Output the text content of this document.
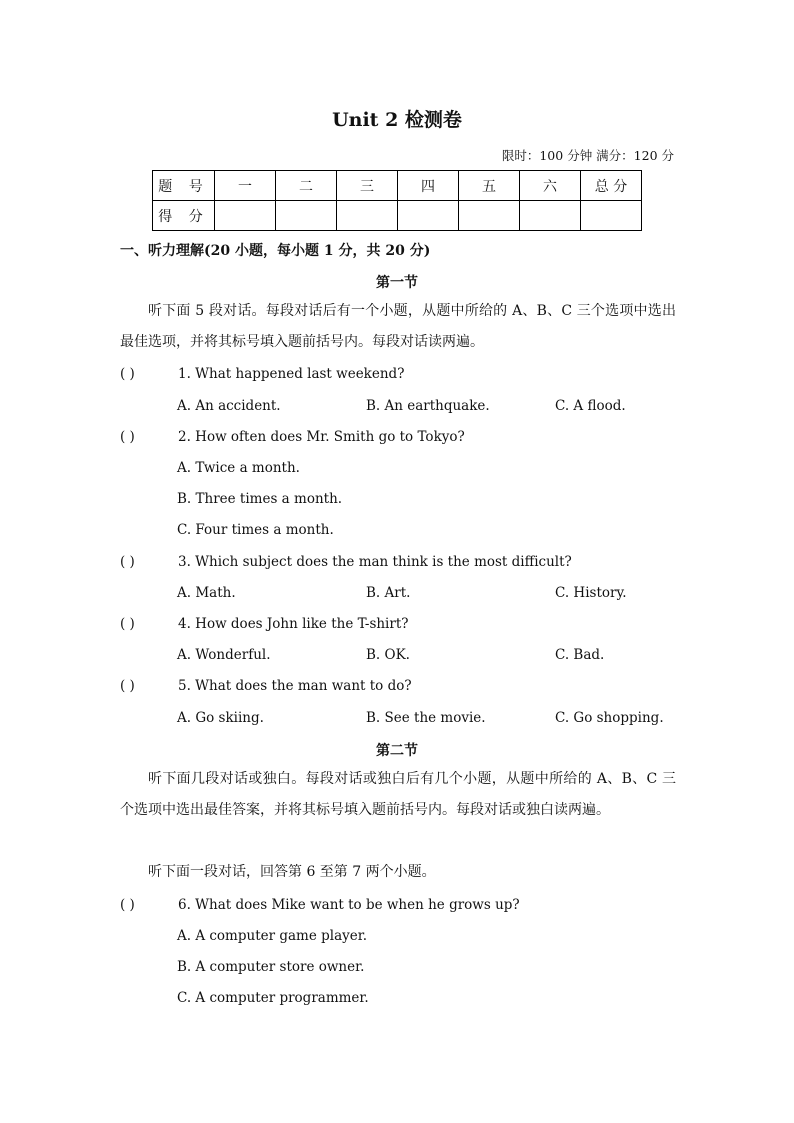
Unit 2 检测卷
限时：100 分钟 满分：120 分
题 号	一	二	三	四	五	六	总 分
得 分							
一、听力理解(20 小题，每小题 1 分，共 20 分)
第一节
听下面 5 段对话。每段对话后有一个小题，从题中所给的 A、B、C 三个选项中选出最佳选项，并将其标号填入题前括号内。每段对话读两遍。
( )	1. What happened last weekend?
A. An accident.	B. An earthquake.	C. A flood.
( )	2. How often does Mr. Smith go to Tokyo?
A. Twice a month.
B. Three times a month.
C. Four times a month.
( )	3. Which subject does the man think is the most difficult?
A. Math.	B. Art.	C. History.
( )	4. How does John like the T-shirt?
A. Wonderful.	B. OK.	C. Bad.
( )	5. What does the man want to do?
A. Go skiing.	B. See the movie.	C. Go shopping.
第二节
听下面几段对话或独白。每段对话或独白后有几个小题，从题中所给的 A、B、C 三个选项中选出最佳答案，并将其标号填入题前括号内。每段对话或独白读两遍。
听下面一段对话，回答第 6 至第 7 两个小题。
( )	6. What does Mike want to be when he grows up?
A. A computer game player.
B. A computer store owner.
C. A computer programmer.
